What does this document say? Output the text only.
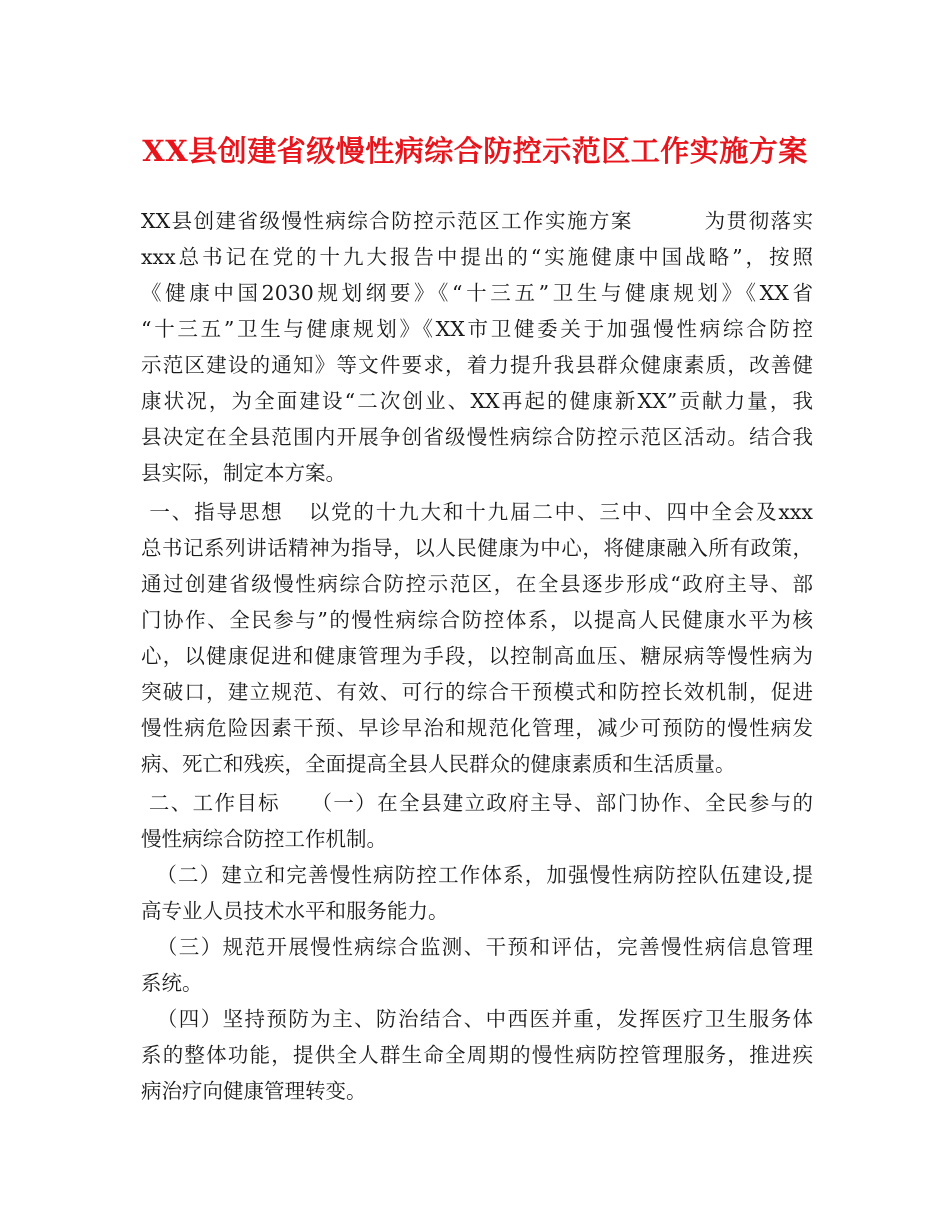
XX县创建省级慢性病综合防控示范区工作实施方案
XX县创建省级慢性病综合防控示范区工作实施方案         为贯彻落实
xxx总书记在党的十九大报告中提出的“实施健康中国战略”，按照
《健康中国2030规划纲要》《“十三五”卫生与健康规划》《XX省
“十三五”卫生与健康规划》《XX市卫健委关于加强慢性病综合防控
示范区建设的通知》等文件要求，着力提升我县群众健康素质，改善健
康状况，为全面建设“二次创业、XX再起的健康新XX”贡献力量，我
县决定在全县范围内开展争创省级慢性病综合防控示范区活动。结合我
县实际，制定本方案。
一、指导思想   以党的十九大和十九届二中、三中、四中全会及xxx
总书记系列讲话精神为指导，以人民健康为中心，将健康融入所有政策，
通过创建省级慢性病综合防控示范区，在全县逐步形成“政府主导、部
门协作、全民参与”的慢性病综合防控体系，以提高人民健康水平为核
心，以健康促进和健康管理为手段，以控制高血压、糖尿病等慢性病为
突破口，建立规范、有效、可行的综合干预模式和防控长效机制，促进
慢性病危险因素干预、早诊早治和规范化管理，减少可预防的慢性病发
病、死亡和残疾，全面提高全县人民群众的健康素质和生活质量。
二、工作目标    （一）在全县建立政府主导、部门协作、全民参与的
慢性病综合防控工作机制。
（二）建立和完善慢性病防控工作体系，加强慢性病防控队伍建设,提
高专业人员技术水平和服务能力。
（三）规范开展慢性病综合监测、干预和评估，完善慢性病信息管理
系统。
（四）坚持预防为主、防治结合、中西医并重，发挥医疗卫生服务体
系的整体功能，提供全人群生命全周期的慢性病防控管理服务，推进疾
病治疗向健康管理转变。
